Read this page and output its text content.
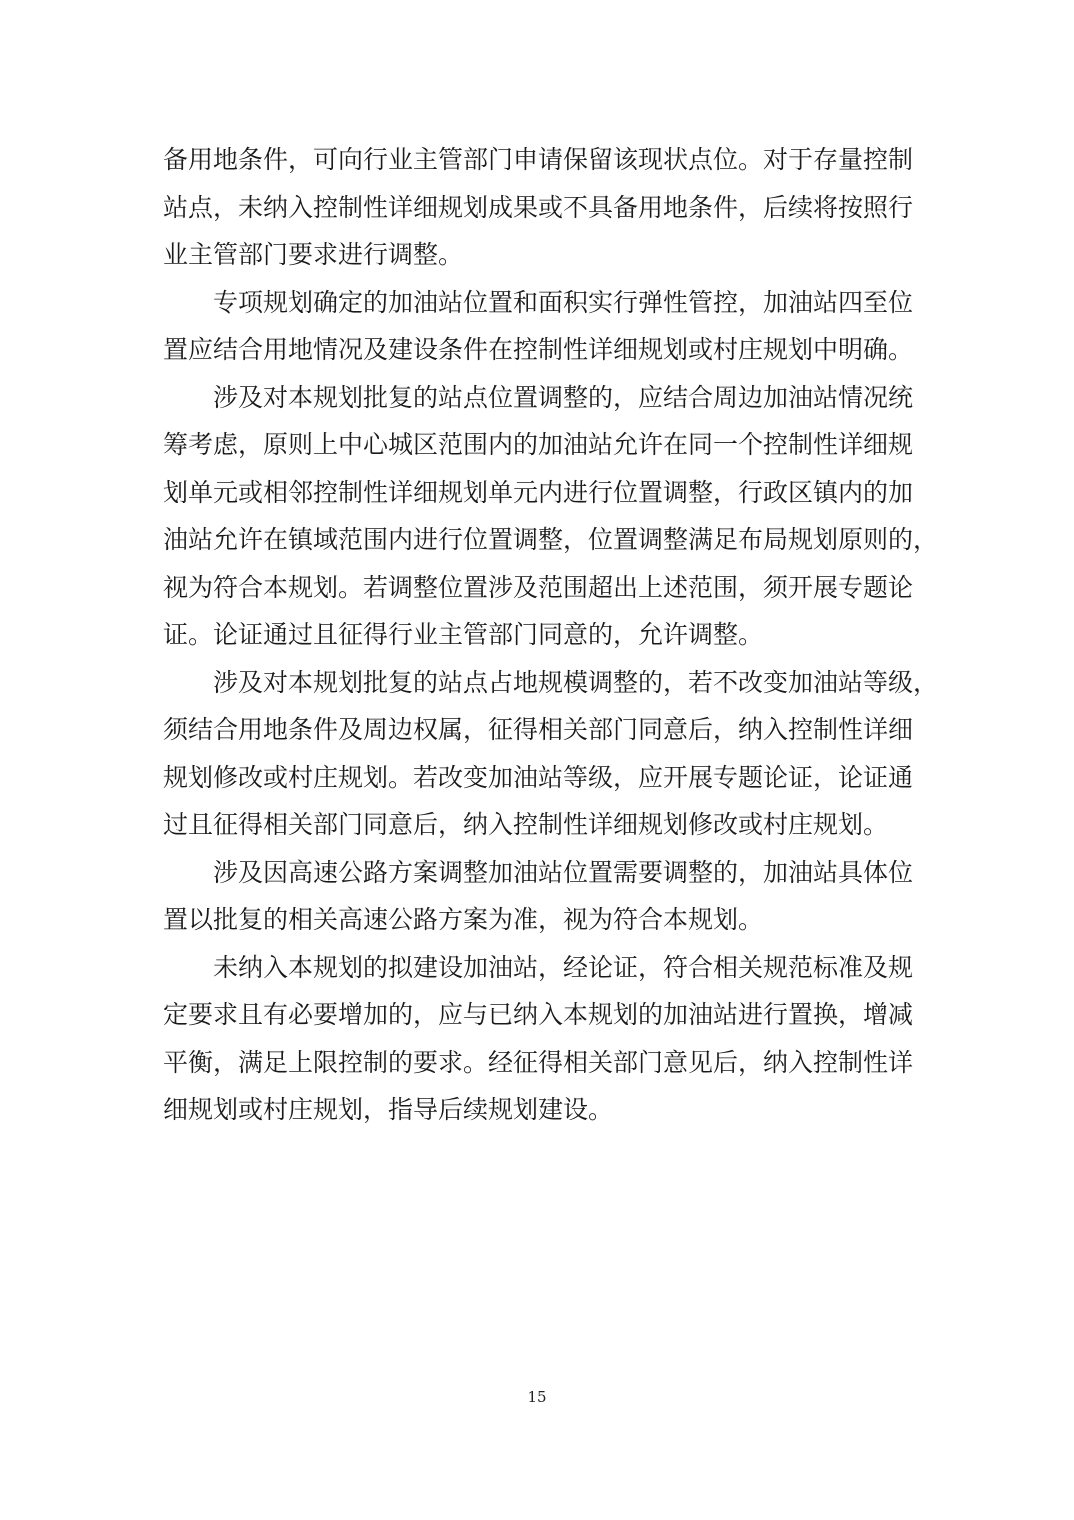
备用地条件，可向行业主管部门申请保留该现状点位。对于存量控制
站点，未纳入控制性详细规划成果或不具备用地条件，后续将按照行
业主管部门要求进行调整。
专项规划确定的加油站位置和面积实行弹性管控，加油站四至位
置应结合用地情况及建设条件在控制性详细规划或村庄规划中明确。
涉及对本规划批复的站点位置调整的，应结合周边加油站情况统
筹考虑，原则上中心城区范围内的加油站允许在同一个控制性详细规
划单元或相邻控制性详细规划单元内进行位置调整，行政区镇内的加
油站允许在镇域范围内进行位置调整，位置调整满足布局规划原则的，
视为符合本规划。若调整位置涉及范围超出上述范围，须开展专题论
证。论证通过且征得行业主管部门同意的，允许调整。
涉及对本规划批复的站点占地规模调整的，若不改变加油站等级，
须结合用地条件及周边权属，征得相关部门同意后，纳入控制性详细
规划修改或村庄规划。若改变加油站等级，应开展专题论证，论证通
过且征得相关部门同意后，纳入控制性详细规划修改或村庄规划。
涉及因高速公路方案调整加油站位置需要调整的，加油站具体位
置以批复的相关高速公路方案为准，视为符合本规划。
未纳入本规划的拟建设加油站，经论证，符合相关规范标准及规
定要求且有必要增加的，应与已纳入本规划的加油站进行置换，增减
平衡，满足上限控制的要求。经征得相关部门意见后，纳入控制性详
细规划或村庄规划，指导后续规划建设。
15
